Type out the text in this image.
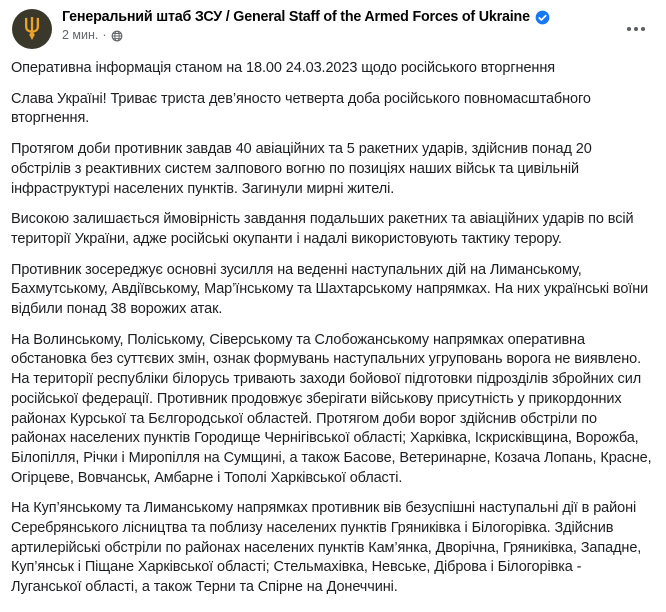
Генеральний штаб ЗСУ / General Staff of the Armed Forces of Ukraine
2 мин. ·

Оперативна інформація станом на 18.00 24.03.2023 щодо російського вторгнення

Слава Україні! Триває триста дев’яносто четверта доба російського повномасштабного вторгнення.

Протягом доби противник завдав 40 авіаційних та 5 ракетних ударів, здійснив понад 20 обстрілів з реактивних систем залпового вогню по позиціях наших військ та цивільній інфраструктурі населених пунктів. Загинули мирні жителі.

Високою залишається ймовірність завдання подальших ракетних та авіаційних ударів по всій території України, адже російські окупанти і надалі використовують тактику терору.

Противник зосереджує основні зусилля на веденні наступальних дій на Лиманському, Бахмутському, Авдіївському, Мар’їнському та Шахтарському напрямках. На них українські воїни відбили понад 38 ворожих атак.

На Волинському, Поліському, Сіверському та Слобожанському напрямках оперативна обстановка без суттєвих змін, ознак формувань наступальних угруповань ворога не виявлено. На території республіки білорусь тривають заходи бойової підготовки підрозділів збройних сил російської федерації. Противник продовжує зберігати військову присутність у прикордонних районах Курської та Бєлгородської областей. Протягом доби ворог здійснив обстріли по районах населених пунктів Городище Чернігівської області; Харківка, Іскрисківщина, Ворожба, Білопілля, Річки і Миропілля на Сумщині, а також Басове, Ветеринарне, Козача Лопань, Красне, Огірцеве, Вовчанськ, Амбарне і Тополі Харківської області.

На Куп’янському та Лиманському напрямках противник вів безуспішні наступальні дії в районі Серебрянського лісництва та поблизу населених пунктів Гряниківка і Білогорівка. Здійснив артилерійські обстріли по районах населених пунктів Кам’янка, Дворічна, Гряниківка, Западне, Куп’янськ і Піщане Харківської області; Стельмахівка, Невське, Діброва і Білогорівка - Луганської області, а також Терни та Спірне на Донеччині.
